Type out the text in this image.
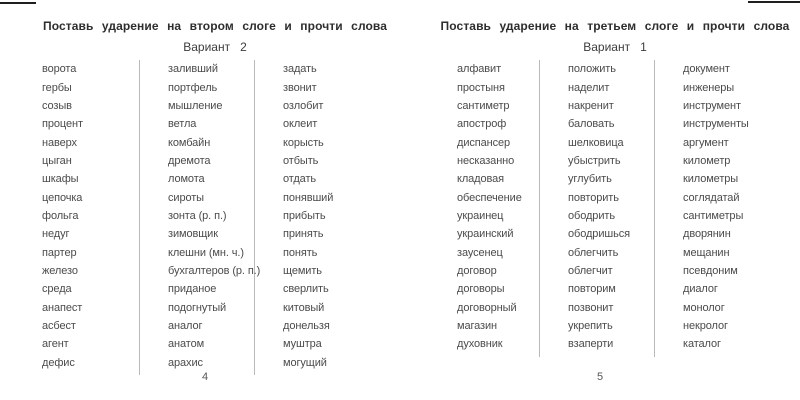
Поставь ударение на втором слоге и прочти слова
Вариант 2
ворота
гербы
созыв
процент
наверх
цыган
шкафы
цепочка
фольга
недуг
партер
железо
среда
анапест
асбест
агент
дефис
заливший
портфель
мышление
ветла
комбайн
дремота
ломота
сироты
зонта (р. п.)
зимовщик
клешни (мн. ч.)
бухгалтеров (р. п.)
приданое
подогнутый
аналог
анатом
арахис
задать
звонит
озлобит
оклеит
корысть
отбыть
отдать
понявший
прибыть
принять
понять
щемить
сверлить
китовый
донельзя
муштра
могущий
4
Поставь ударение на третьем слоге и прочти слова
Вариант 1
алфавит
простыня
сантиметр
апостроф
диспансер
несказанно
кладовая
обеспечение
украинец
украинский
заусенец
договор
договоры
договорный
магазин
духовник
положить
наделит
накренит
баловать
шелковица
убыстрить
углубить
повторить
ободрить
ободришься
облегчить
облегчит
повторим
позвонит
укрепить
взаперти
документ
инженеры
инструмент
инструменты
аргумент
километр
километры
соглядатай
сантиметры
дворянин
мещанин
псевдоним
диалог
монолог
некролог
каталог
5
